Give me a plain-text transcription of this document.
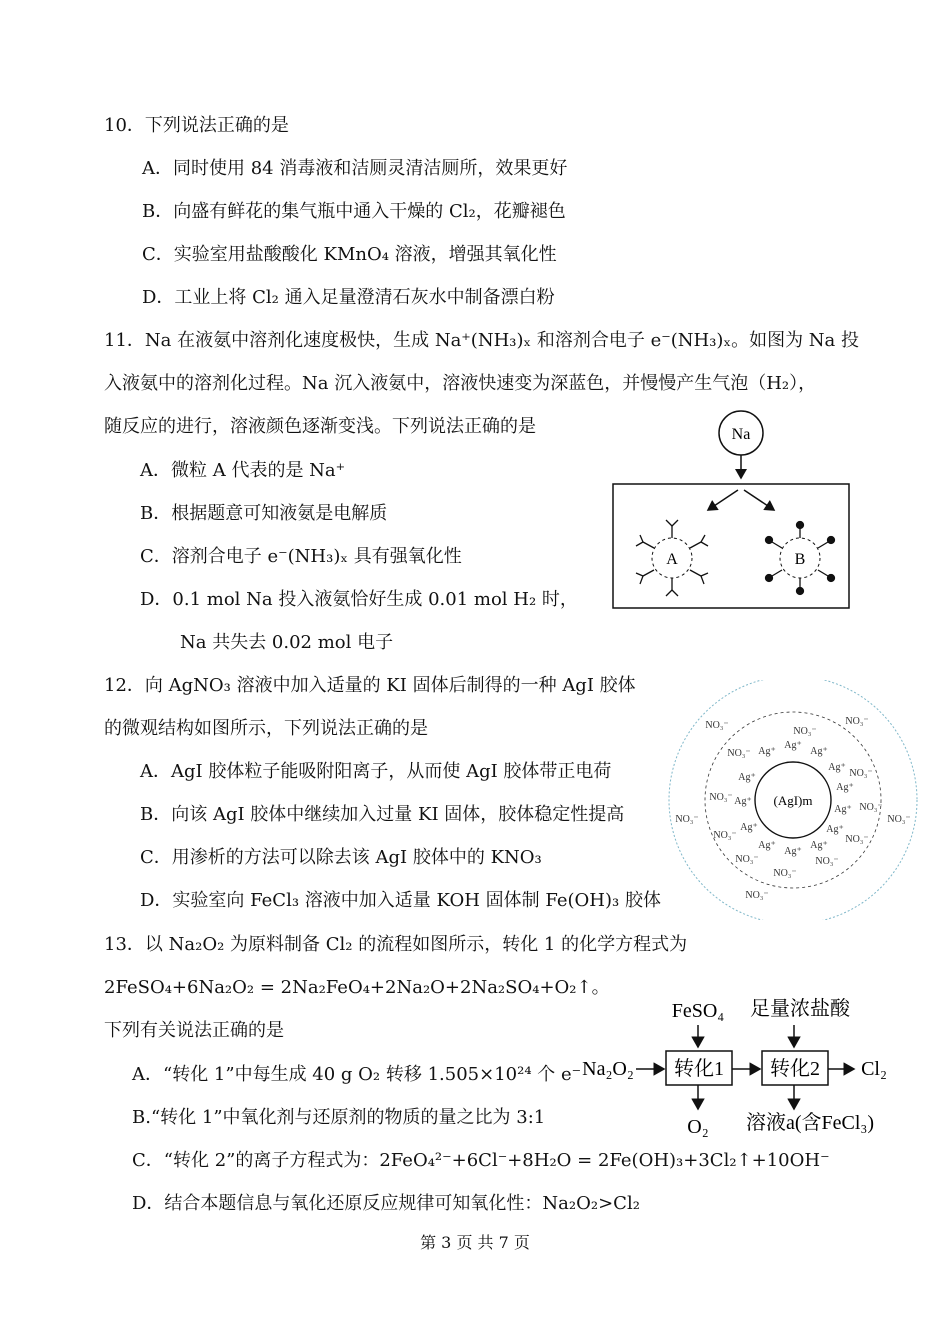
10．下列说法正确的是
A．同时使用 84 消毒液和洁厕灵清洁厕所，效果更好
B．向盛有鲜花的集气瓶中通入干燥的 Cl₂，花瓣褪色
C．实验室用盐酸酸化 KMnO₄ 溶液，增强其氧化性
D．工业上将 Cl₂ 通入足量澄清石灰水中制备漂白粉
11．Na 在液氨中溶剂化速度极快，生成 Na⁺(NH₃)ₓ 和溶剂合电子 e⁻(NH₃)ₓ。如图为 Na 投
入液氨中的溶剂化过程。Na 沉入液氨中，溶液快速变为深蓝色，并慢慢产生气泡（H₂），
随反应的进行，溶液颜色逐渐变浅。下列说法正确的是
A．微粒 A 代表的是 Na⁺
B．根据题意可知液氨是电解质
C．溶剂合电子 e⁻(NH₃)ₓ 具有强氧化性
D．0.1 mol Na 投入液氨恰好生成 0.01 mol H₂ 时，
Na 共失去 0.02 mol 电子
Na
A	B
12．向 AgNO₃ 溶液中加入适量的 KI 固体后制得的一种 AgI 胶体
的微观结构如图所示，下列说法正确的是
A．AgI 胶体粒子能吸附阳离子，从而使 AgI 胶体带正电荷
B．向该 AgI 胶体中继续加入过量 KI 固体，胶体稳定性提高
C．用渗析的方法可以除去该 AgI 胶体中的 KNO₃
D．实验室向 FeCl₃ 溶液中加入适量 KOH 固体制 Fe(OH)₃ 胶体
(AgI)m
Ag⁺
Ag⁺
Ag⁺
Ag⁺
Ag⁺
Ag⁺
Ag⁺
Ag⁺
Ag⁺
Ag⁺
Ag⁺
Ag⁺
Ag⁺
NO₃⁻
NO₃⁻
NO₃⁻
NO₃⁻
NO₃⁻
NO₃⁻
NO₃⁻
NO₃⁻	NO₃⁻
NO₃⁻	NO₃⁻
NO₃⁻	NO₃⁻
NO₃⁻
NO₃⁻
13．以 Na₂O₂ 为原料制备 Cl₂ 的流程如图所示，转化 1 的化学方程式为
2FeSO₄+6Na₂O₂ = 2Na₂FeO₄+2Na₂O+2Na₂SO₄+O₂↑。
下列有关说法正确的是
A．“转化 1”中每生成 40 g O₂ 转移 1.505×10²⁴ 个 e⁻
B.“转化 1”中氧化剂与还原剂的物质的量之比为 3:1
C．“转化 2”的离子方程式为：2FeO₄²⁻+6Cl⁻+8H₂O = 2Fe(OH)₃+3Cl₂↑+10OH⁻
D．结合本题信息与氧化还原反应规律可知氧化性：Na₂O₂>Cl₂
FeSO₄ 足量浓盐酸
Na₂O₂ 转化1 转化2 Cl₂
O₂ 溶液a(含FeCl₃)
第 3 页 共 7 页
